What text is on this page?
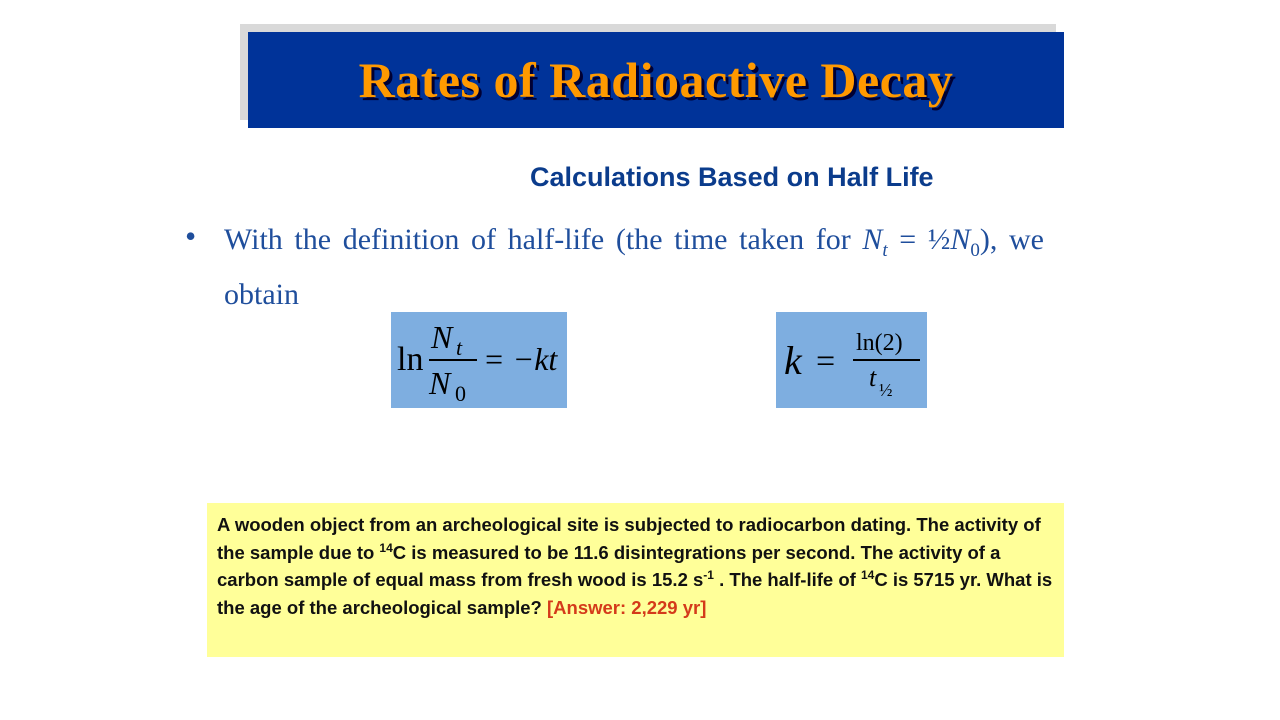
Rates of Radioactive Decay
Calculations Based on Half Life
• With the definition of half-life (the time taken for $N_t$ = $\frac{1}{2}N_0$), we obtain
ln
N t
N 0
= −kt	k = ln(2)
t ½
A wooden object from an archeological site is subjected to radiocarbon dating. The activity of the sample due to $^{14}$C is measured to be 11.6 disintegrations per second. The activity of a carbon sample of equal mass from fresh wood is 15.2 $s^{-1}$ . The half-life of $^{14}$C is 5715 yr. What is the age of the archeological sample? [Answer: 2,229 yr]
